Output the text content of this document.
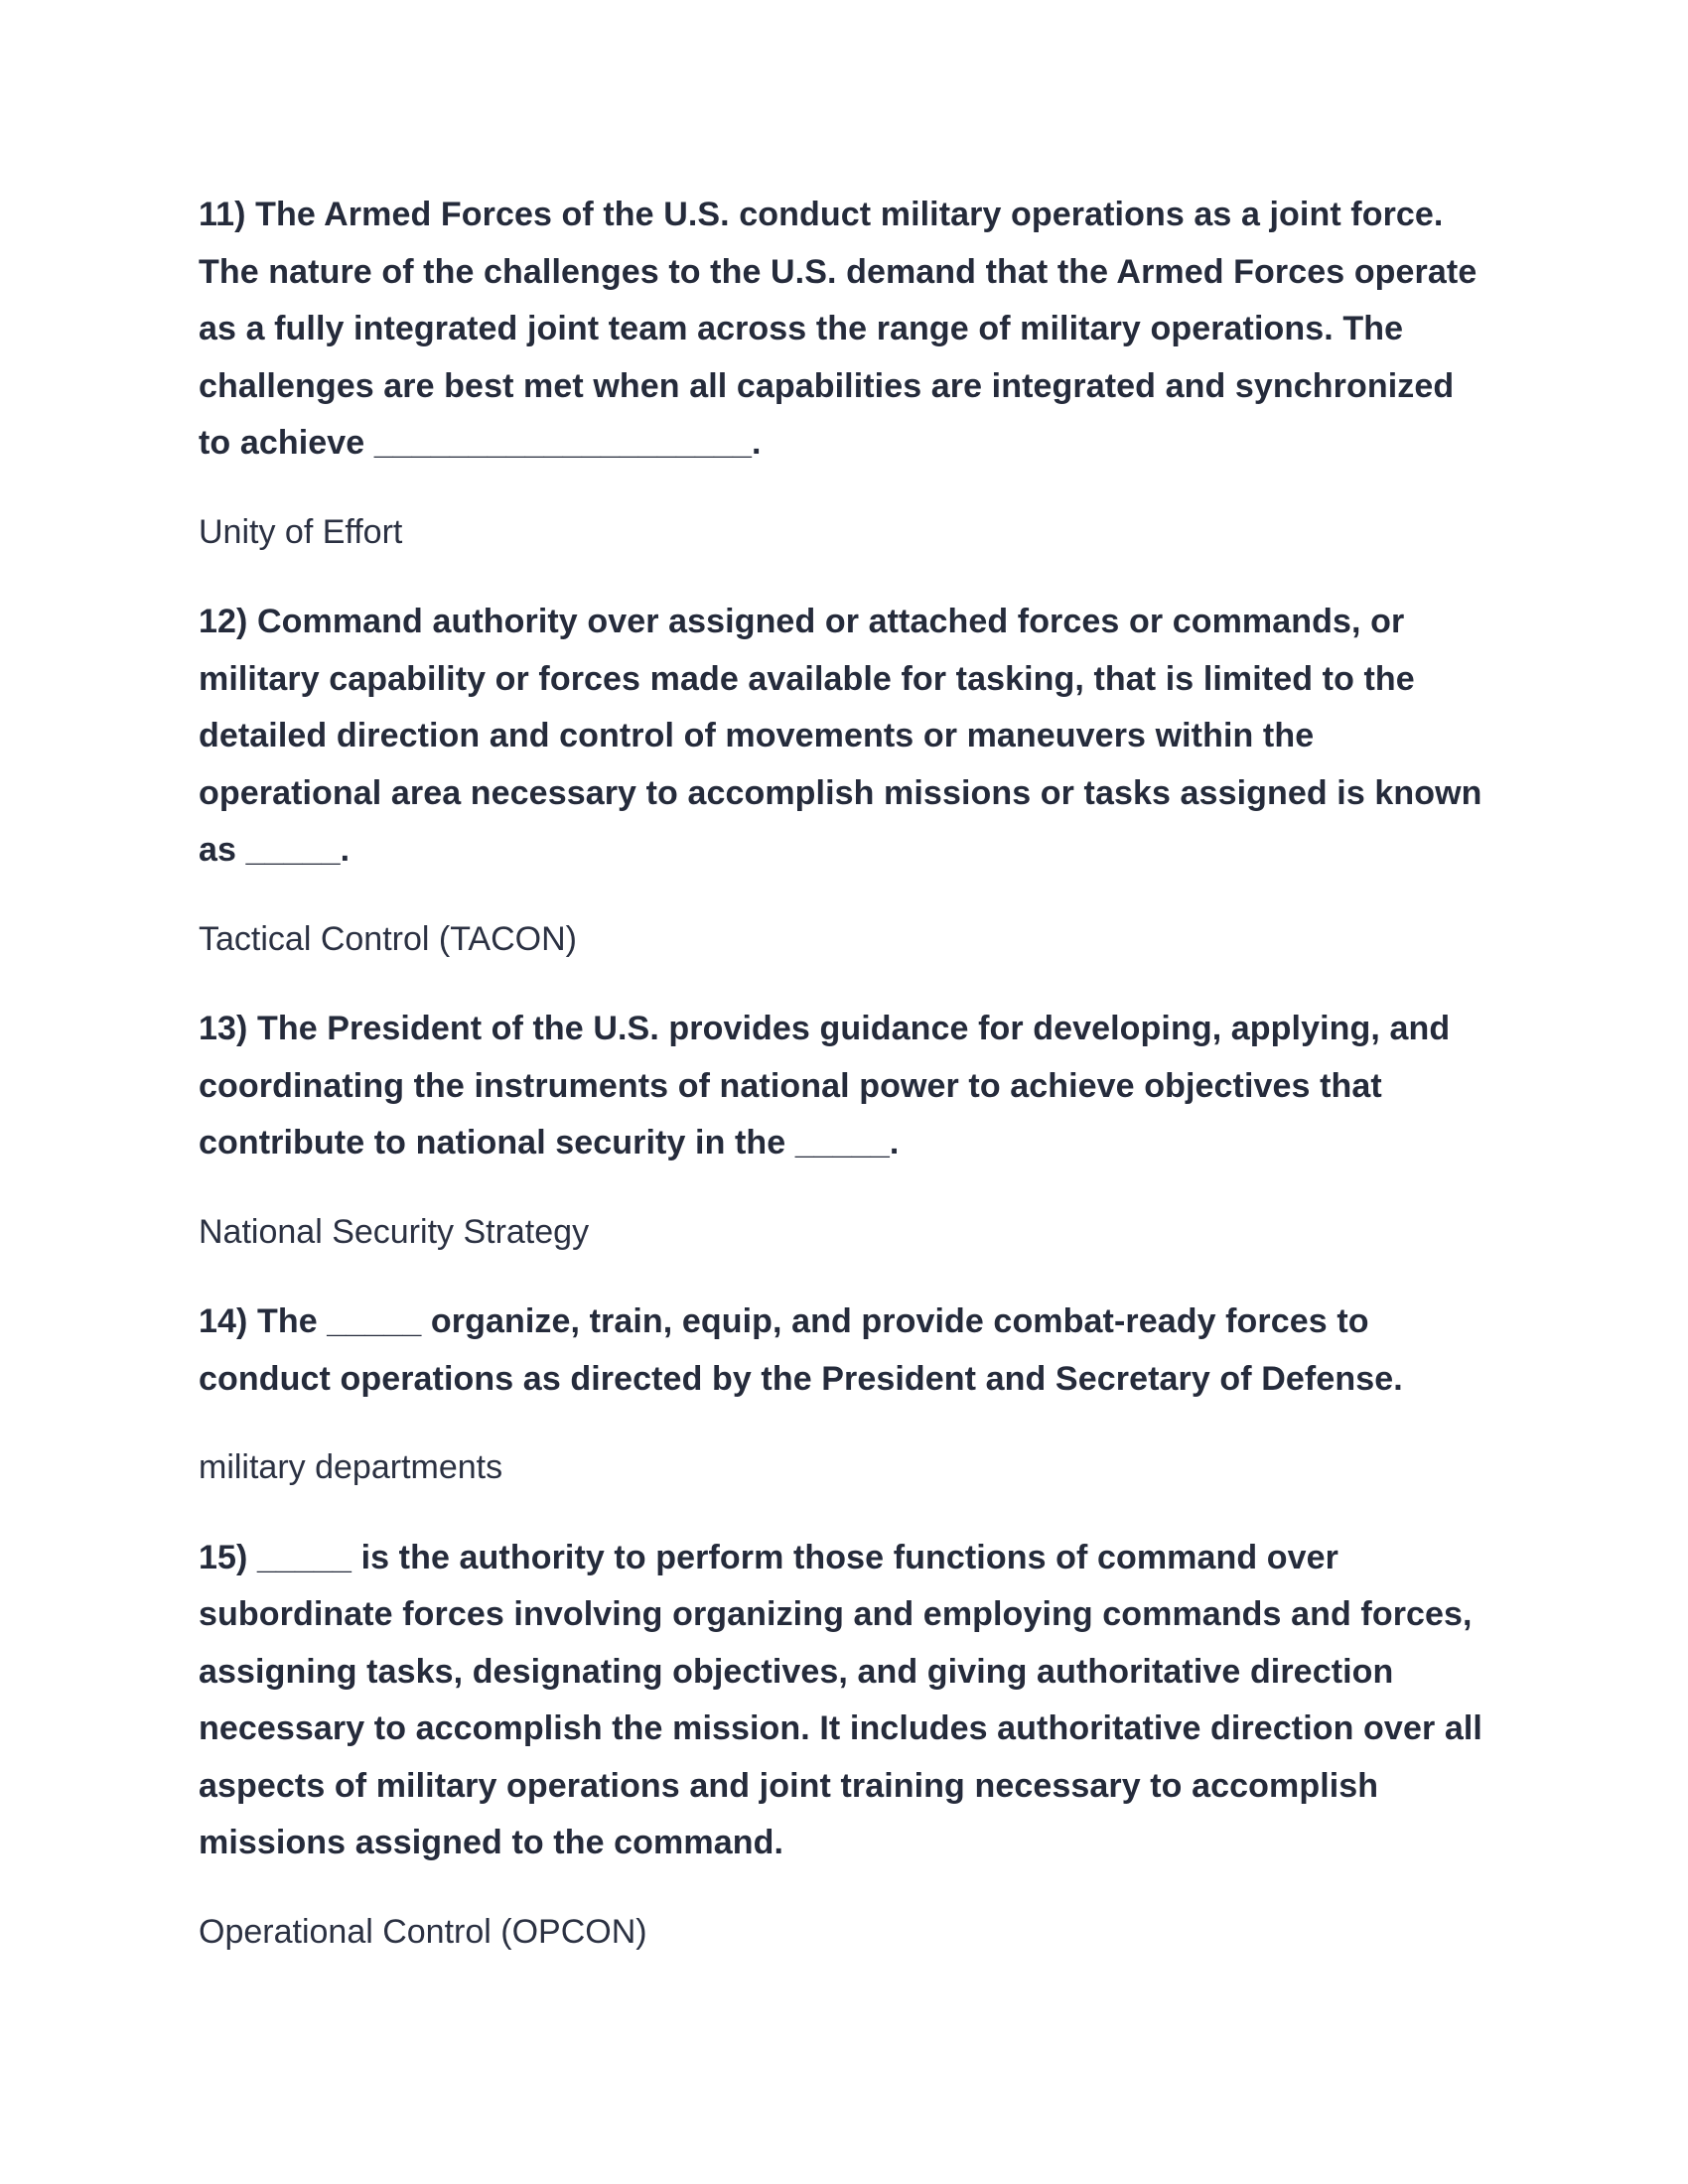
11) The Armed Forces of the U.S. conduct military operations as a joint force. The nature of the challenges to the U.S. demand that the Armed Forces operate as a fully integrated joint team across the range of military operations. The challenges are best met when all capabilities are integrated and synchronized to achieve ____________________.

Unity of Effort

12) Command authority over assigned or attached forces or commands, or military capability or forces made available for tasking, that is limited to the detailed direction and control of movements or maneuvers within the operational area necessary to accomplish missions or tasks assigned is known as _____.

Tactical Control (TACON)

13) The President of the U.S. provides guidance for developing, applying, and coordinating the instruments of national power to achieve objectives that contribute to national security in the _____.

National Security Strategy

14) The _____ organize, train, equip, and provide combat-ready forces to conduct operations as directed by the President and Secretary of Defense.

military departments

15) _____ is the authority to perform those functions of command over subordinate forces involving organizing and employing commands and forces, assigning tasks, designating objectives, and giving authoritative direction necessary to accomplish the mission. It includes authoritative direction over all aspects of military operations and joint training necessary to accomplish missions assigned to the command.

Operational Control (OPCON)
